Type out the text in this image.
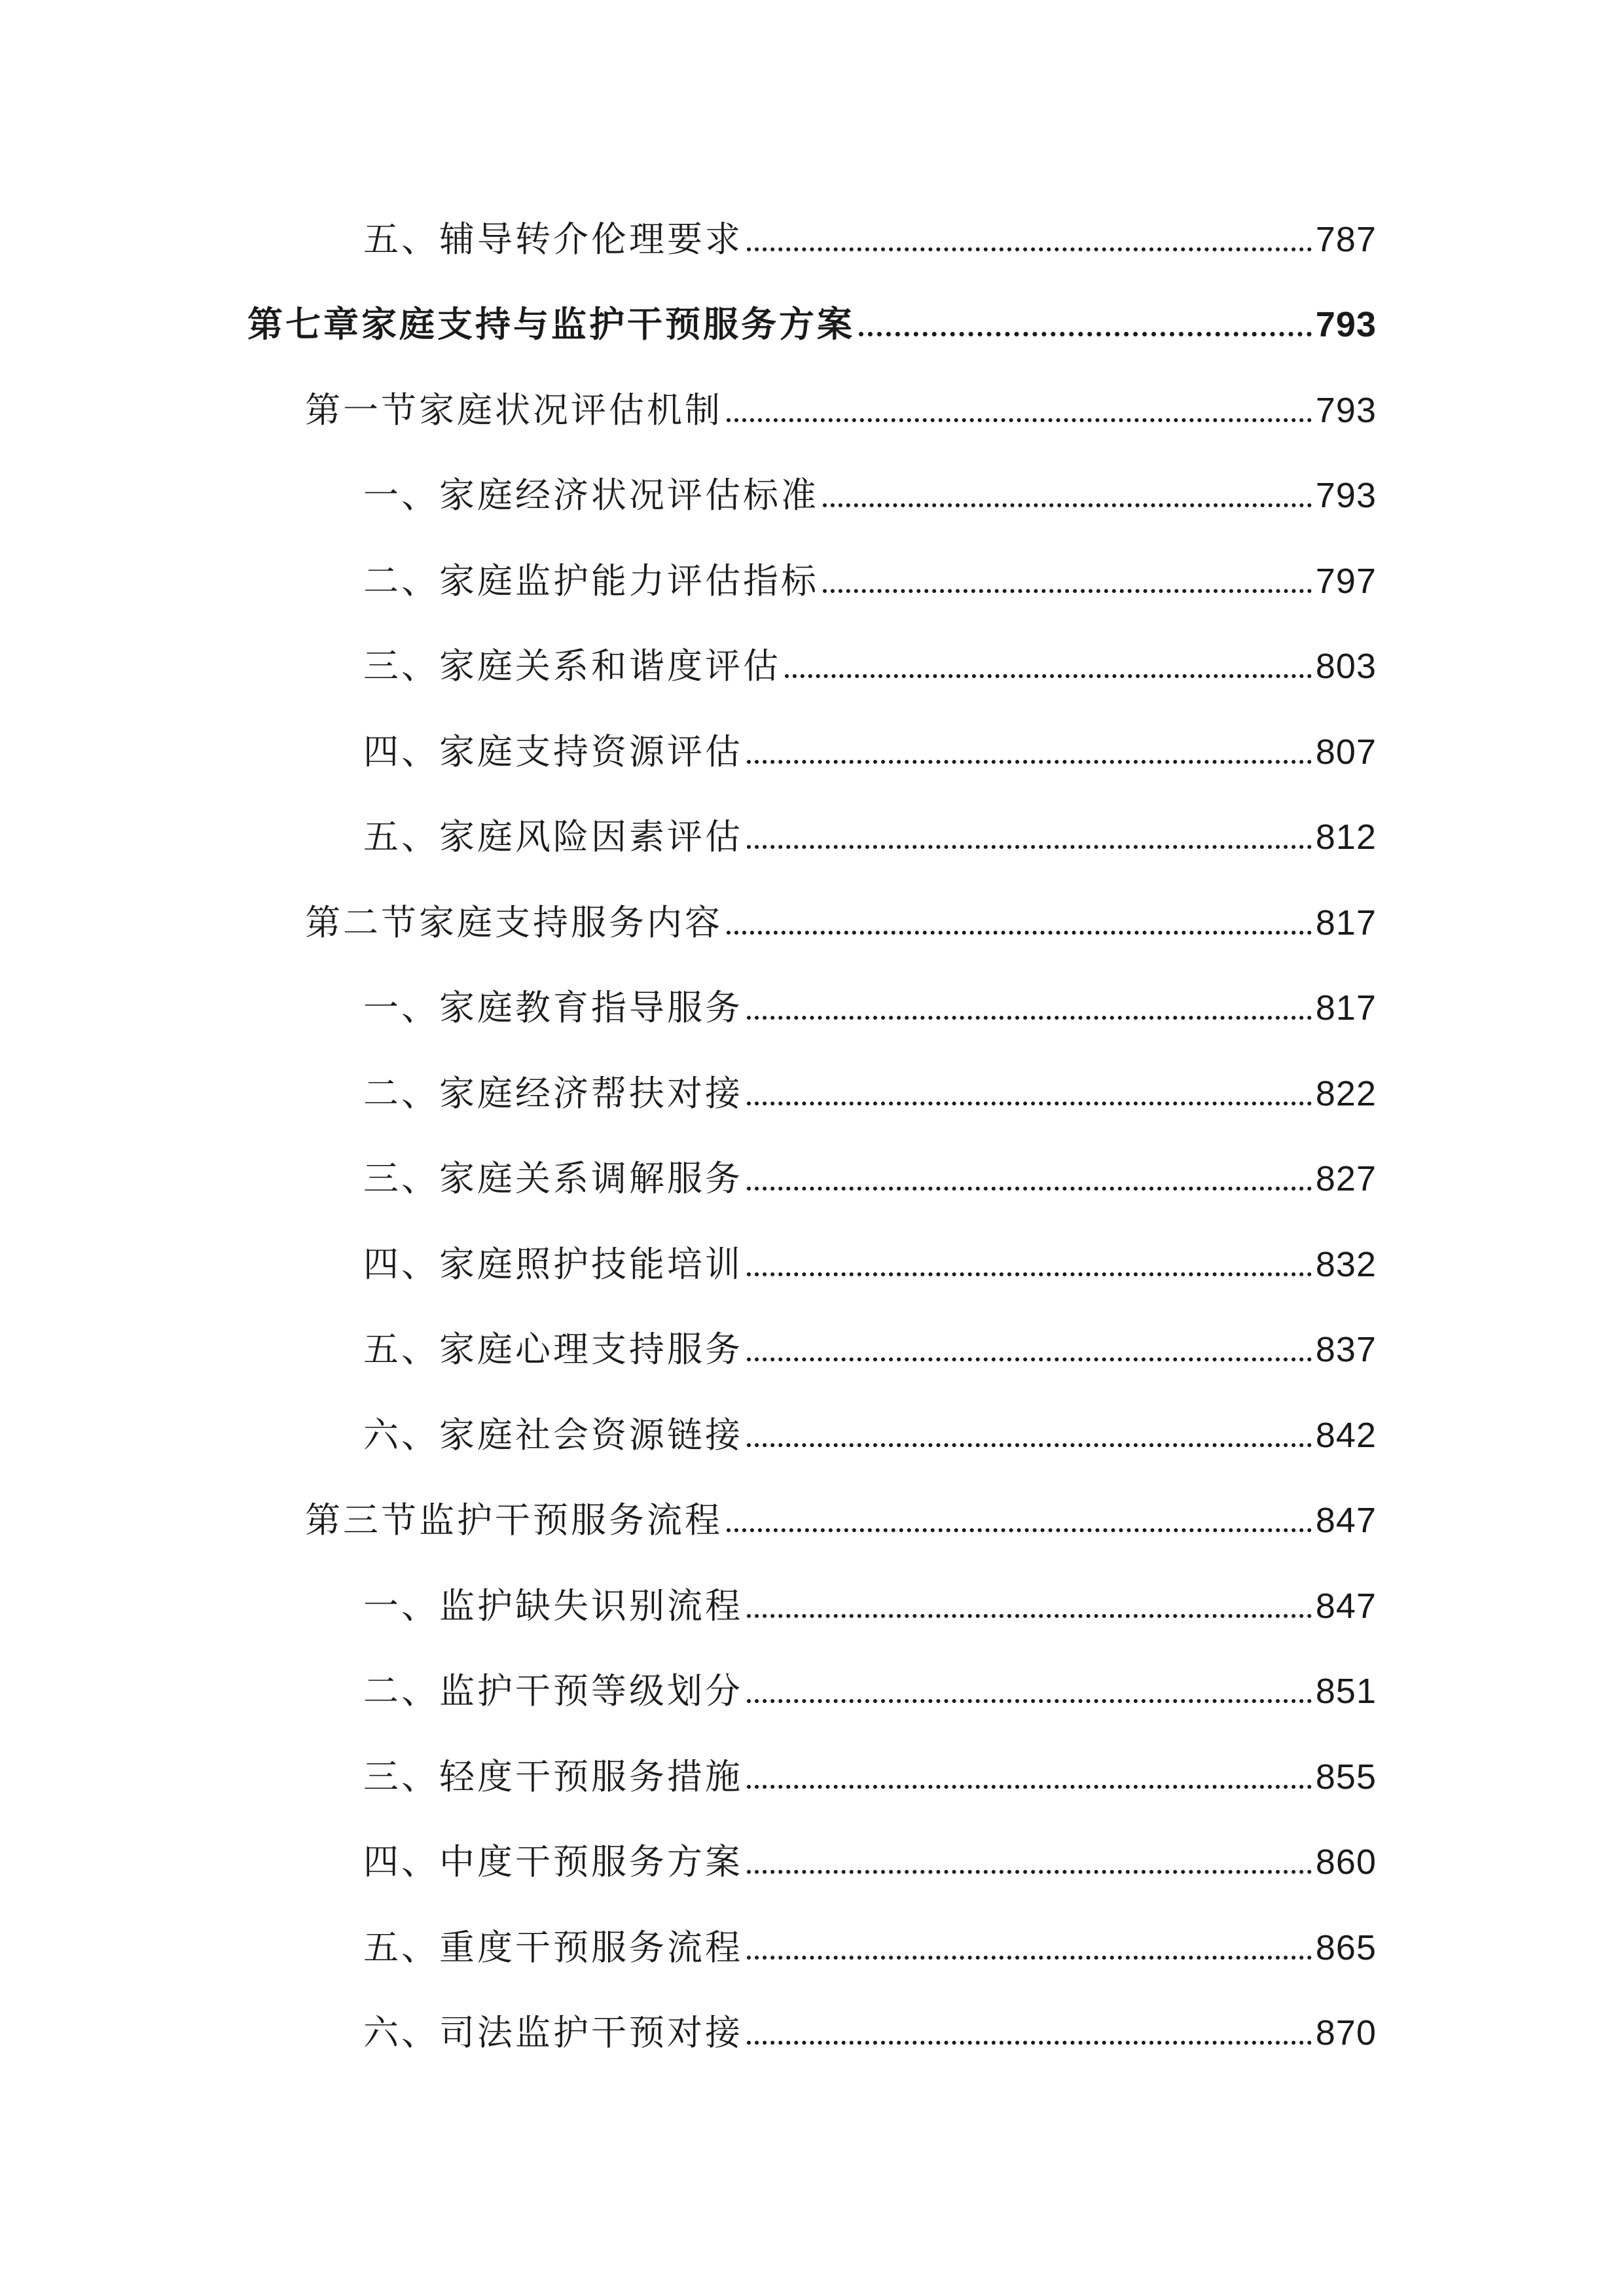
五、辅导转介伦理要求	787
第七章家庭支持与监护干预服务方案	793
第一节家庭状况评估机制	793
一、家庭经济状况评估标准	793
二、家庭监护能力评估指标	797
三、家庭关系和谐度评估	803
四、家庭支持资源评估	807
五、家庭风险因素评估	812
第二节家庭支持服务内容	817
一、家庭教育指导服务	817
二、家庭经济帮扶对接	822
三、家庭关系调解服务	827
四、家庭照护技能培训	832
五、家庭心理支持服务	837
六、家庭社会资源链接	842
第三节监护干预服务流程	847
一、监护缺失识别流程	847
二、监护干预等级划分	851
三、轻度干预服务措施	855
四、中度干预服务方案	860
五、重度干预服务流程	865
六、司法监护干预对接	870
